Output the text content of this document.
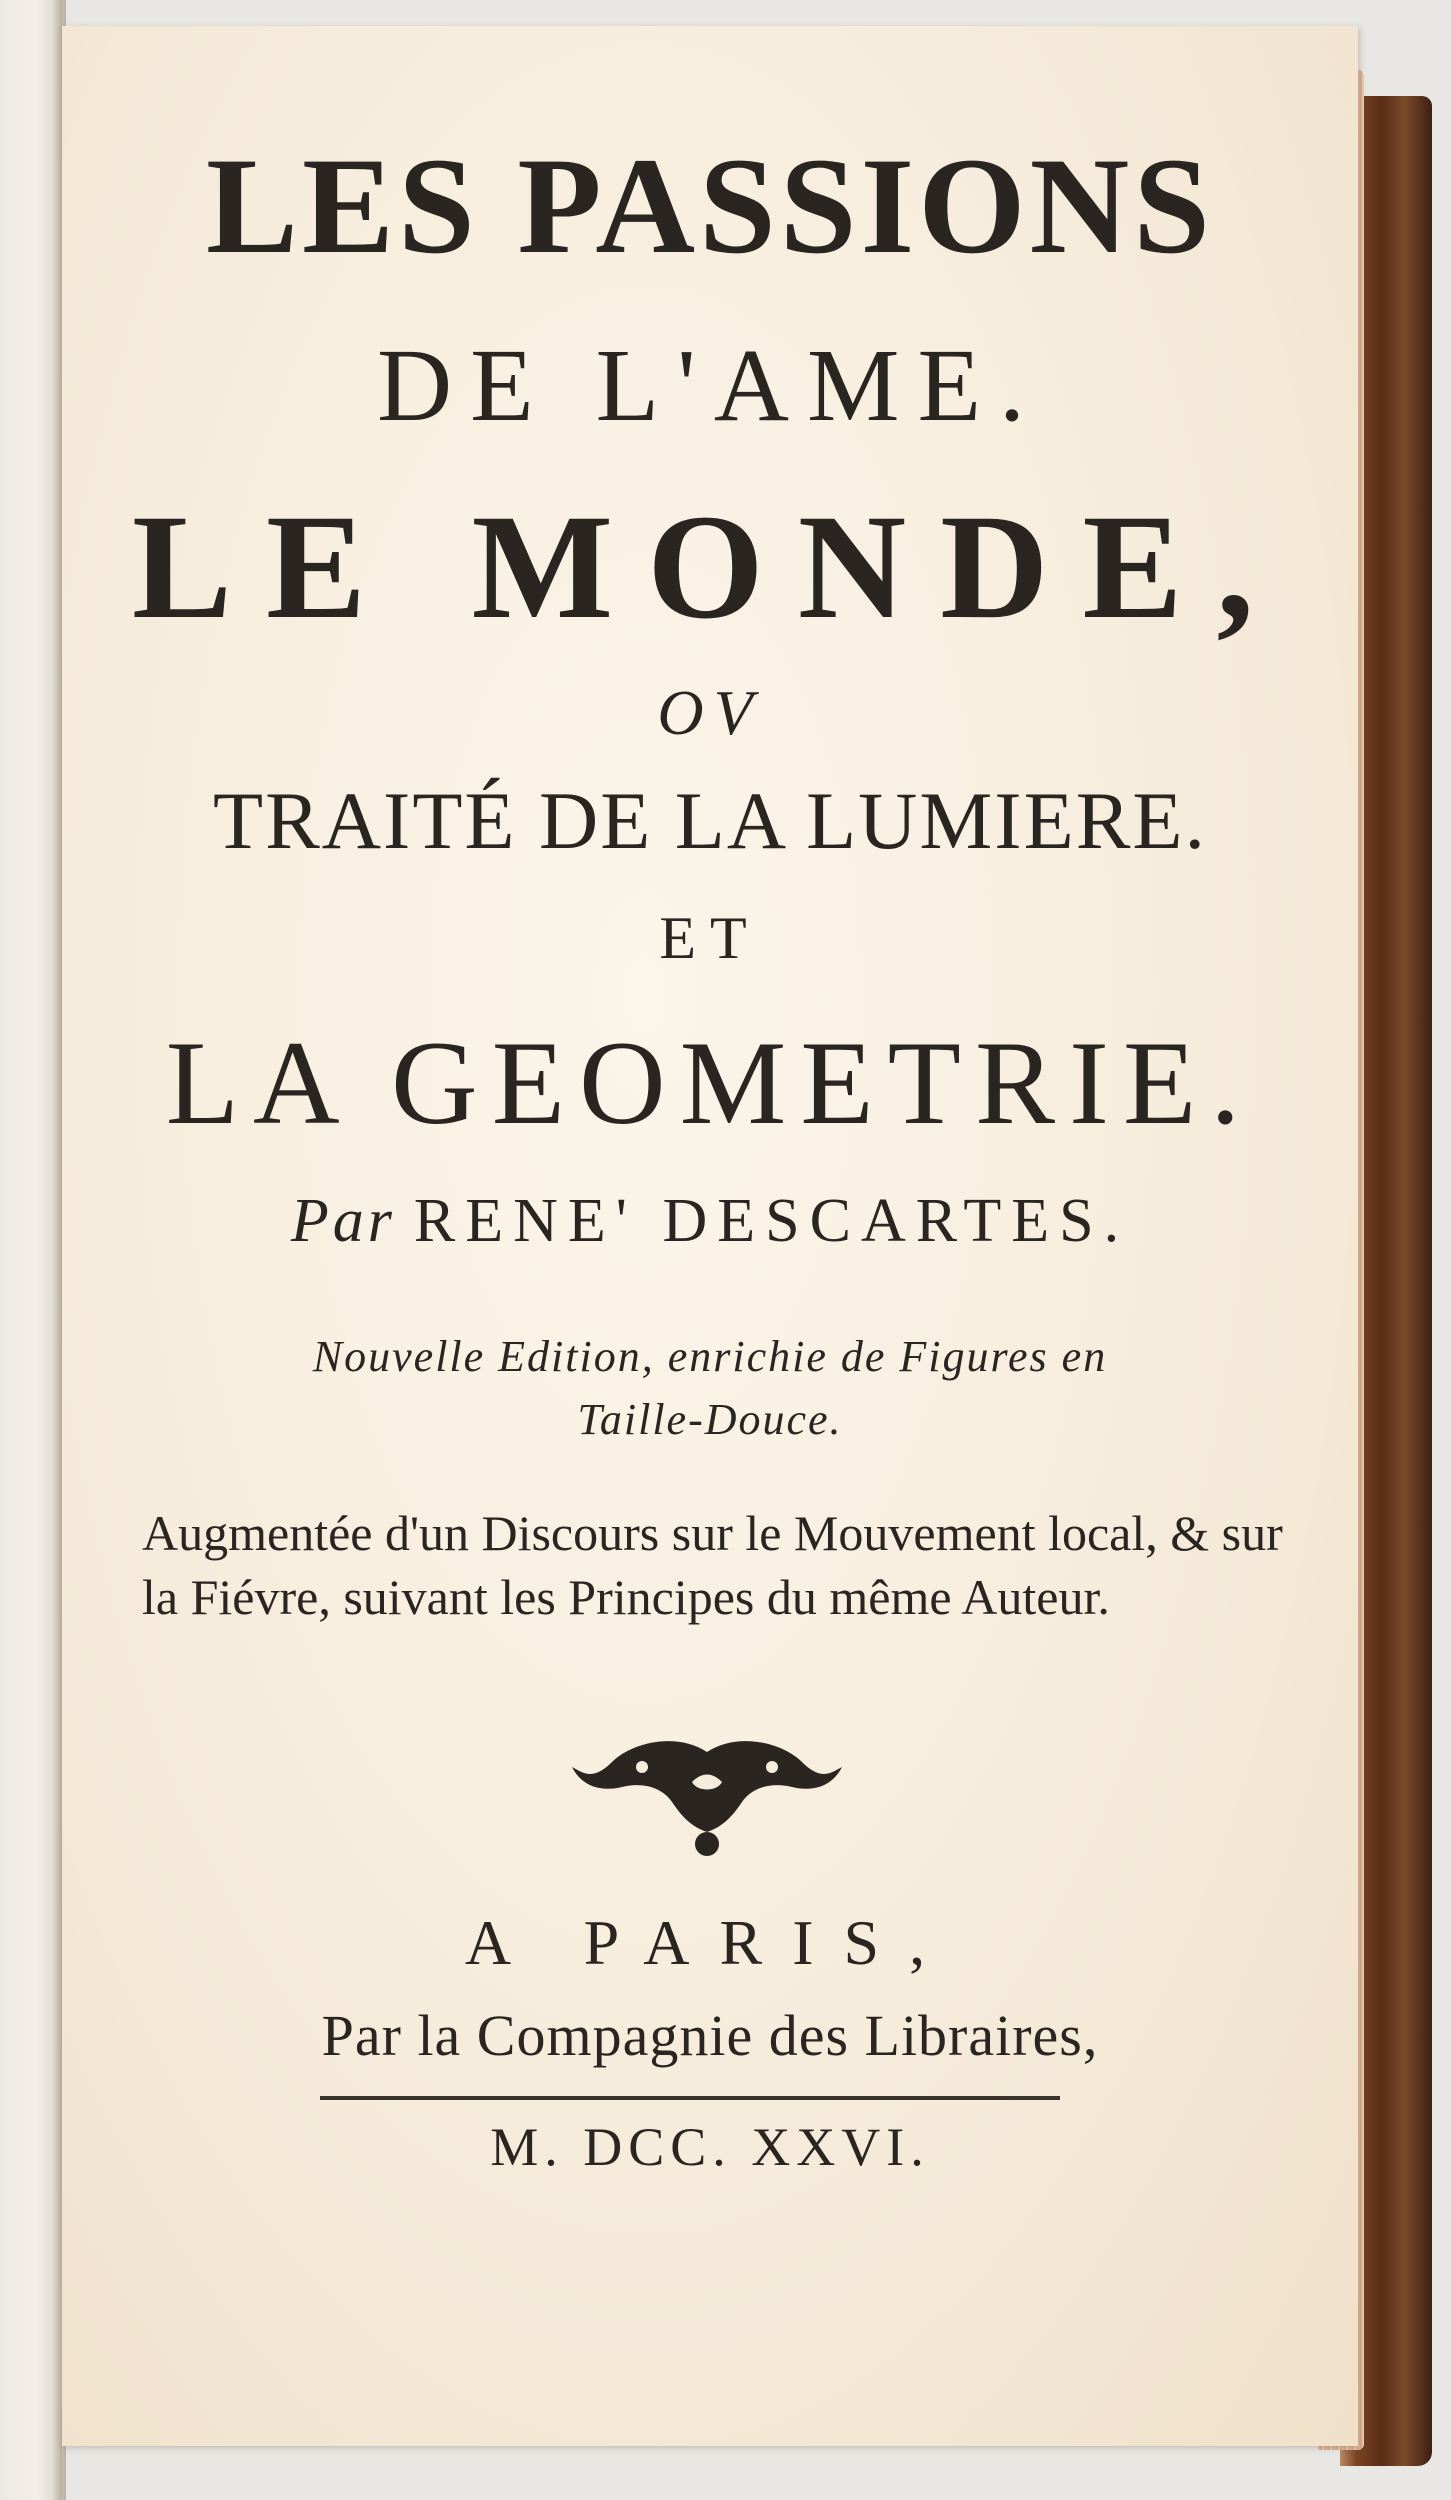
LES PASSIONS
DE L'AME.
LE MONDE,
OV
TRAITÉ DE LA LUMIERE.
ET
LA GEOMETRIE.
Par RENE' DESCARTES.
Nouvelle Edition, enrichie de Figures en
Taille-Douce.
Augmentée d'un Discours sur le Mouvement local, & sur la Fiévre, suivant les Principes du même Auteur.
A PARIS,
Par la Compagnie des Libraires,
M. DCC. XXVI.
